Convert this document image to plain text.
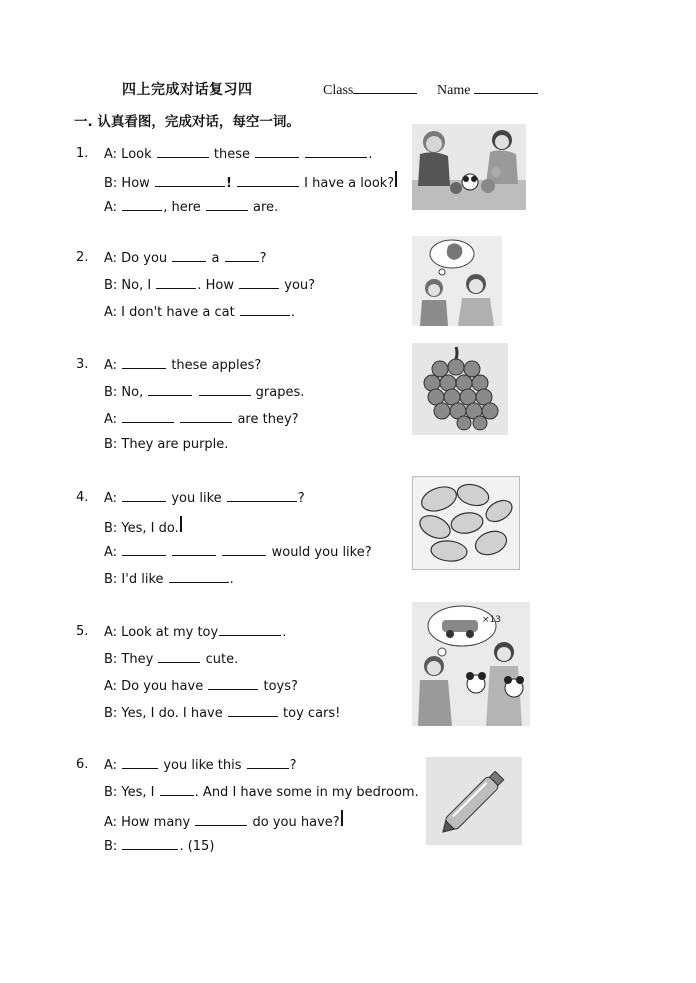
四上完成对话复习四	Class	Name
一. 认真看图，完成对话，每空一词。
1. A: Look	these	.
B: How	!	I have a look?
A:	, here	are.
2. A: Do you	a	?
B: No, I	. How	you?
A: I don't have a cat	.
3. A:	these apples?
B: No,	grapes.
A:	are they?
B: They are purple.
4. A:	you like	?
B: Yes, I do.
A:	would you like?
B: I'd like	.
5. A: Look at my toy	.
B: They	cute.
A: Do you have	toys?
B: Yes, I do. I have	toy cars!
×13
6. A:	you like this	?
B: Yes, I	. And I have some in my bedroom.
A: How many	do you have?
B:	. (15)
